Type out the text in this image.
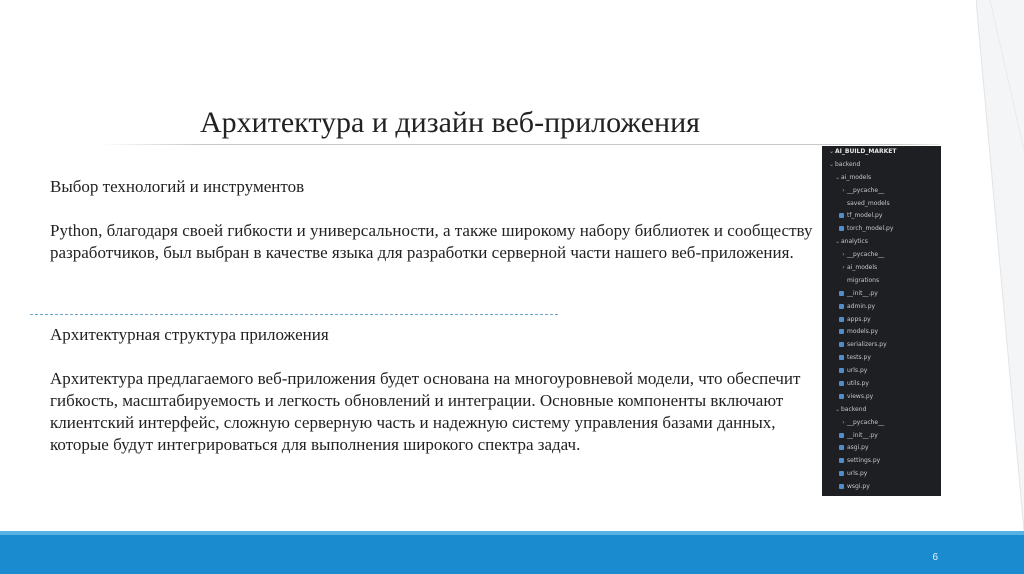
Архитектура и дизайн веб-приложения

Выбор технологий и инструментов

Python, благодаря своей гибкости и универсальности, а также широкому набору библиотек и сообществу разработчиков, был выбран в качестве языка для разработки серверной части нашего веб-приложения.

Архитектурная структура приложения

Архитектура предлагаемого веб-приложения будет основана на многоуровневой модели, что обеспечит гибкость, масштабируемость и легкость обновлений и интеграции. Основные компоненты включают клиентский интерфейс, сложную серверную часть и надежную систему управления базами данных, которые будут интегрироваться для выполнения широкого спектра задач.

⌄AI_BUILD_MARKET
⌄backend
⌄ai_models
› __pycache__
saved_models
tf_model.py
torch_model.py
⌄analytics
› __pycache__
› ai_models
migrations
__init__.py
admin.py
apps.py
models.py
serializers.py
tests.py
urls.py
utils.py
views.py
⌄backend
› __pycache__
__init__.py
asgi.py
settings.py
urls.py
wsgi.py
6
